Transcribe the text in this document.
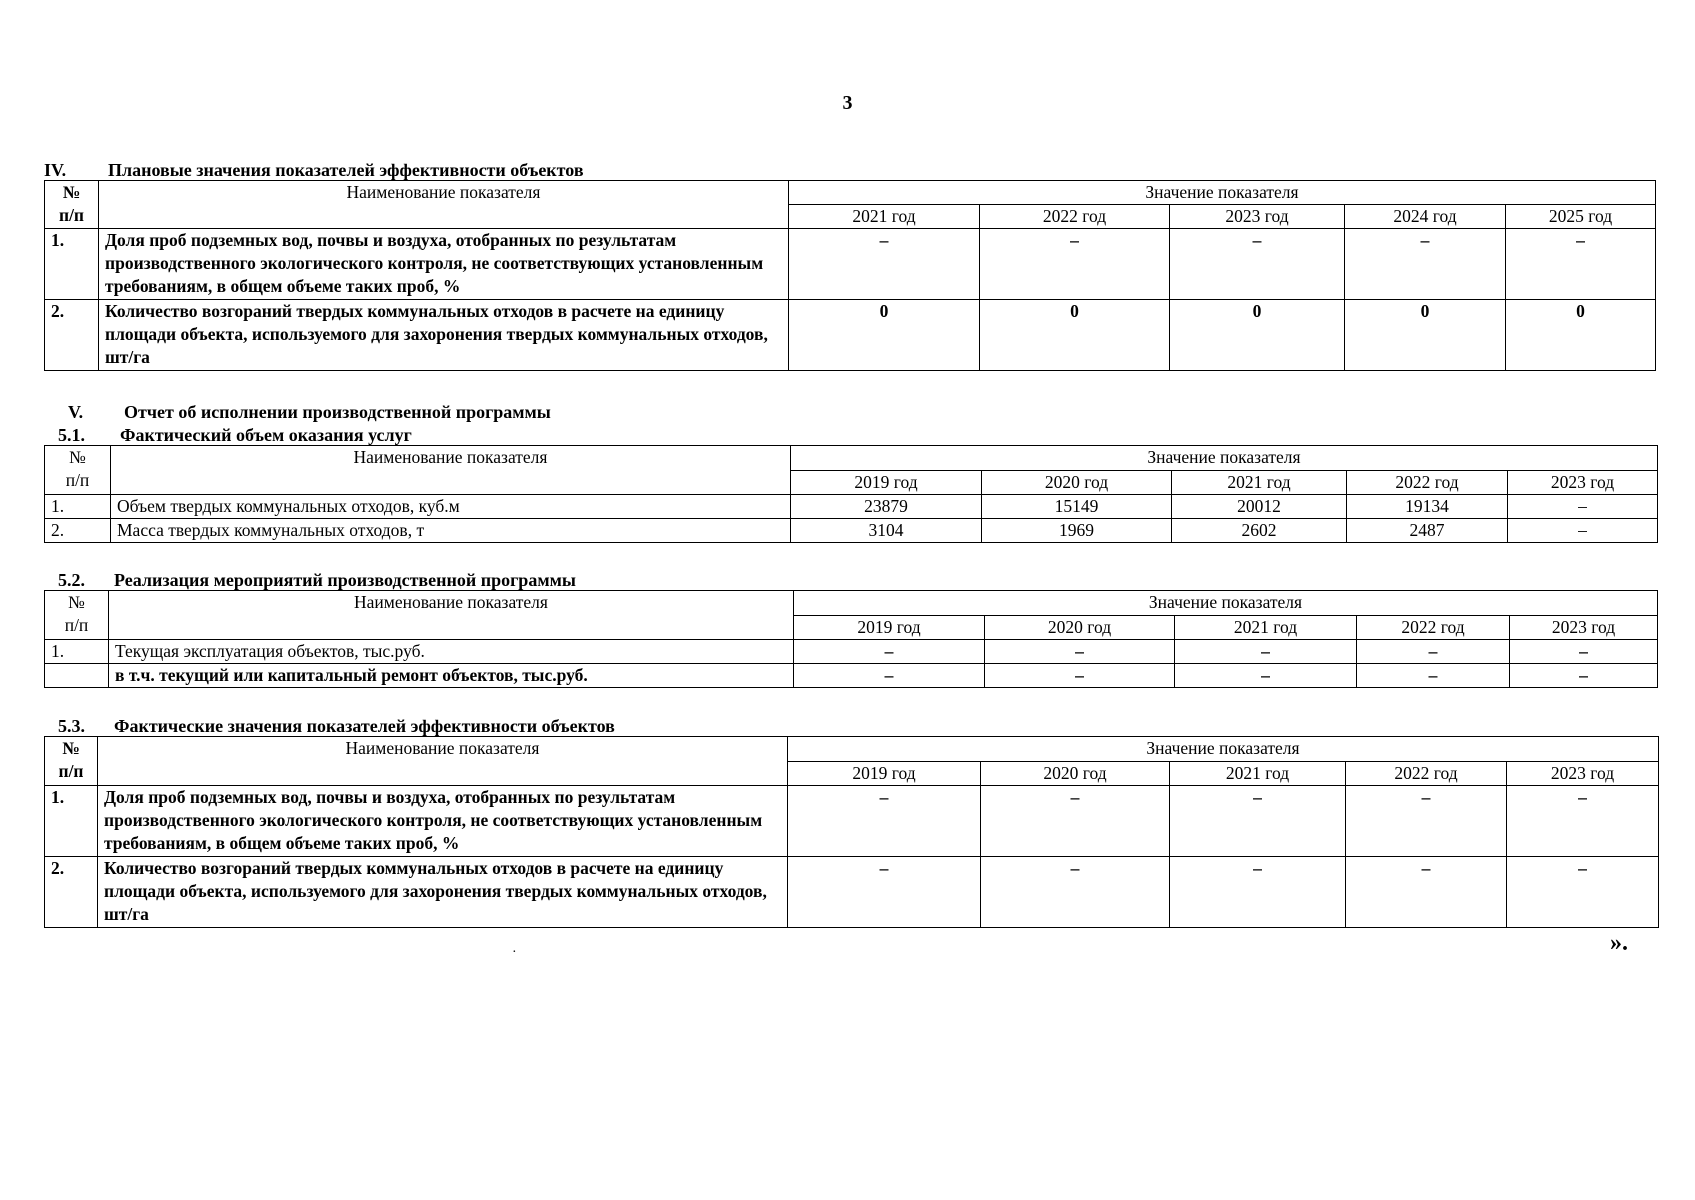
3
IV. Плановые значения показателей эффективности объектов
№
п/п	Наименование показателя	Значение показателя				
		2021 год	2022 год	2023 год	2024 год	2025 год
1.	Доля проб подземных вод, почвы и воздуха, отобранных по результатам производственного экологического контроля, не соответствующих установленным требованиям, в общем объеме таких проб, %	–	–	–	–	–
2.	Количество возгораний твердых коммунальных отходов в расчете на единицу площади объекта, используемого для захоронения твердых коммунальных отходов, шт/га	0	0	0	0	0
V. Отчет об исполнении производственной программы
5.1. Фактический объем оказания услуг
№
п/п	Наименование показателя	Значение показателя				
		2019 год	2020 год	2021 год	2022 год	2023 год
1.	Объем твердых коммунальных отходов, куб.м	23879	15149	20012	19134	–
2.	Масса твердых коммунальных отходов, т	3104	1969	2602	2487	–
5.2. Реализация мероприятий производственной программы
№
п/п	Наименование показателя	Значение показателя				
		2019 год	2020 год	2021 год	2022 год	2023 год
1.	Текущая эксплуатация объектов, тыс.руб.	–	–	–	–	–
	в т.ч. текущий или капитальный ремонт объектов, тыс.руб.	–	–	–	–	–
5.3. Фактические значения показателей эффективности объектов
№
п/п	Наименование показателя	Значение показателя				
		2019 год	2020 год	2021 год	2022 год	2023 год
1.	Доля проб подземных вод, почвы и воздуха, отобранных по результатам производственного экологического контроля, не соответствующих установленным требованиям, в общем объеме таких проб, %	–	–	–	–	–
2.	Количество возгораний твердых коммунальных отходов в расчете на единицу площади объекта, используемого для захоронения твердых коммунальных отходов, шт/га	–	–	–	–	–
·	».
